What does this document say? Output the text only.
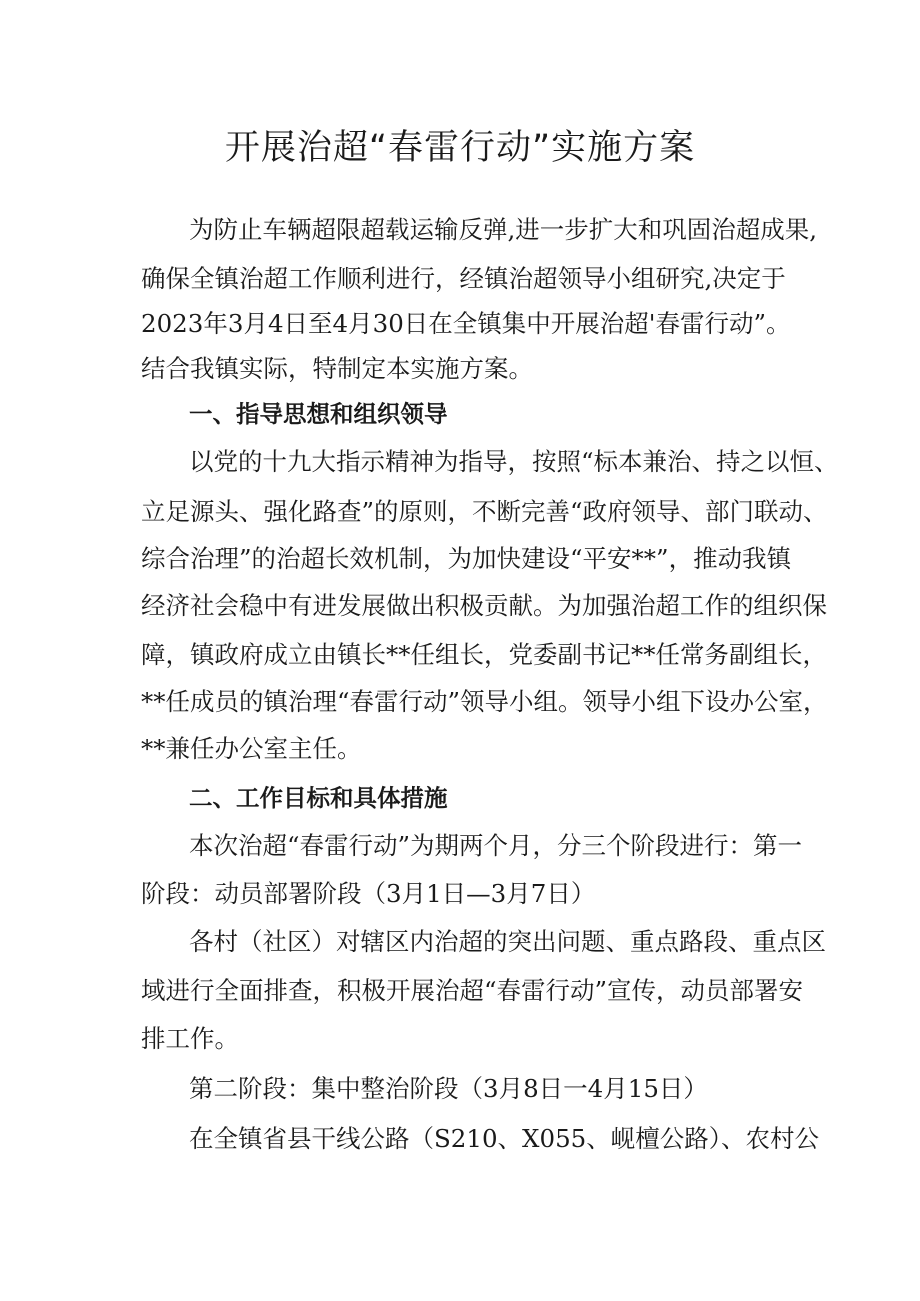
开展治超“春雷行动”实施方案

为防止车辆超限超载运输反弹,进一步扩大和巩固治超成果,

确保全镇治超工作顺利进行，经镇治超领导小组研究,决定于

2023年3月4日至4月30日在全镇集中开展治超'春雷行动”。

结合我镇实际，特制定本实施方案。

一、指导思想和组织领导

以党的十九大指示精神为指导，按照“标本兼治、持之以恒、

立足源头、强化路查”的原则，不断完善“政府领导、部门联动、

综合治理”的治超长效机制，为加快建设“平安**”，推动我镇

经济社会稳中有进发展做出积极贡献。为加强治超工作的组织保

障，镇政府成立由镇长**任组长，党委副书记**任常务副组长，

**任成员的镇治理“春雷行动”领导小组。领导小组下设办公室，

**兼任办公室主任。

二、工作目标和具体措施

本次治超“春雷行动”为期两个月，分三个阶段进行：第一

阶段：动员部署阶段（3月1日—3月7日）

各村（社区）对辖区内治超的突出问题、重点路段、重点区

域进行全面排查，积极开展治超“春雷行动”宣传，动员部署安

排工作。

第二阶段：集中整治阶段（3月8日一4月15日）

在全镇省县干线公路（S210、X055、岘檀公路）、农村公
